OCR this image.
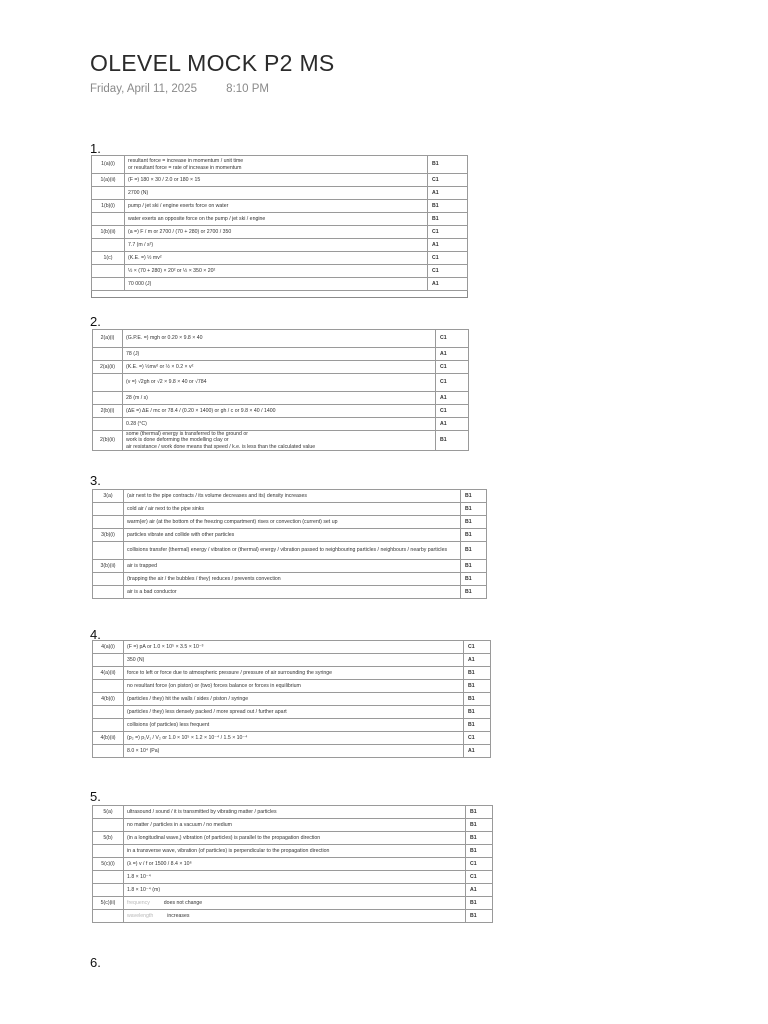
OLEVEL MOCK P2 MS
Friday, April 11, 2025	8:10 PM
1.
1(a)(i)	resultant force = increase in momentum / unit time
or resultant force = rate of increase in momentum	B1
1(a)(ii)	(F =) 180 × 30 / 2.0 or 180 × 15	C1
	2700 (N)	A1
1(b)(i)	pump / jet ski / engine exerts force on water	B1
	water exerts an opposite force on the pump / jet ski / engine	B1
1(b)(ii)	(a =) F / m or 2700 / (70 + 280) or 2700 / 350	C1
	7.7 (m / s²)	A1
1(c)	(K.E. =) ½ mv²	C1
	½ × (70 + 280) × 20² or ½ × 350 × 20²	C1
	70 000 (J)	A1
2.
2(a)(i)	(G.P.E. =) mgh or 0.20 × 9.8 × 40	C1
	78 (J)	A1
2(a)(ii)	(K.E. =) ½mv² or ½ × 0.2 × v²	C1
	(v =) √2gh or √2 × 9.8 × 40 or √784	C1
	28 (m / s)	A1
2(b)(i)	(ΔE =) ΔE / mc or 78.4 / (0.20 × 1400) or gh / c or 9.8 × 40 / 1400	C1
	0.28 (°C)	A1
2(b)(ii)	some (thermal) energy is transferred to the ground or
work is done deforming the modelling clay or
air resistance / work done means that speed / k.e. is less than the calculated value	B1
3.
3(a)	(air next to the pipe contracts / its volume decreases and its) density increases	B1
	cold air / air next to the pipe sinks	B1
	warm(er) air (at the bottom of the freezing compartment) rises or convection (current) set up	B1
3(b)(i)	particles vibrate and collide with other particles	B1
	collisions transfer (thermal) energy / vibration or (thermal) energy / vibration passed to neighbouring particles / neighbours / nearby particles	B1
3(b)(ii)	air is trapped	B1
	(trapping the air / the bubbles / they) reduces / prevents convection	B1
	air is a bad conductor	B1
4.
4(a)(i)	(F =) pA or 1.0 × 10⁵ × 3.5 × 10⁻³	C1
	350 (N)	A1
4(a)(ii)	force to left or force due to atmospheric pressure / pressure of air surrounding the syringe	B1
	no resultant force (on piston) or (two) forces balance or forces in equilibrium	B1
4(b)(i)	(particles / they) hit the walls / sides / piston / syringe	B1
	(particles / they) less densely packed / more spread out / further apart	B1
	collisions (of particles) less frequent	B1
4(b)(ii)	(p₂ =) p₁V₁ / V₂ or 1.0 × 10⁵ × 1.2 × 10⁻⁴ / 1.5 × 10⁻⁴	C1
	8.0 × 10⁴ (Pa)	A1
5.
5(a)	ultrasound / sound / it is transmitted by vibrating matter / particles	B1
	no matter / particles in a vacuum / no medium	B1
5(b)	(in a longitudinal wave,) vibration (of particles) is parallel to the propagation direction	B1
	in a transverse wave, vibration (of particles) is perpendicular to the propagation direction	B1
5(c)(i)	(λ =) v / f or 1500 / 8.4 × 10⁶	C1
	1.8 × 10⁻⁴	C1
	1.8 × 10⁻⁴ (m)	A1
5(c)(ii)	frequency does not change	B1
	wavelength increases	B1
6.
